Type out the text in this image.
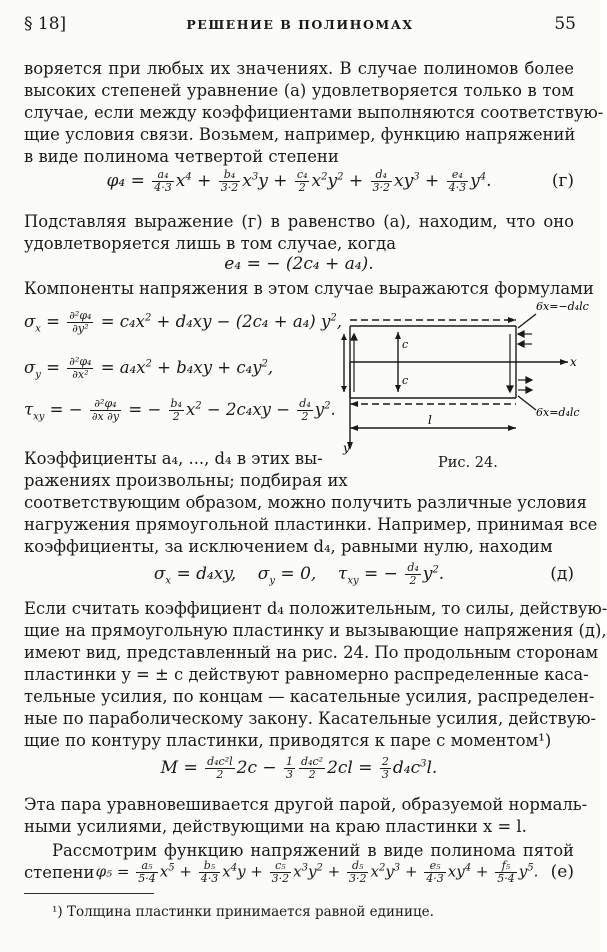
§ 18]	РЕШЕНИЕ В ПОЛИНОМАХ	55
воряется при любых их значениях. В случае полиномов более
высоких степеней уравнение (а) удовлетворяется только в том
случае, если между коэффициентами выполняются соответствую-
щие условия связи. Возьмем, например, функцию напряжений
в виде полинома четвертой степени
$\varphi_4 = \frac{\text{a₄}}{4\cdot 3} x^4 + \frac{\text{b₄}}{3\cdot 2} x^3y + \frac{\text{c₄}}{2} x^2y^2 + \frac{\text{d₄}}{3\cdot 2} xy^3 + \frac{\text{e₄}}{4\cdot 3} y^4$.	(г)
Подставляя выражение (г) в равенство (а), находим, что оно
удовлетворяется лишь в том случае, когда
e₄ = − (2c₄ + a₄).
Компоненты напряжения в этом случае выражаются формулами
$\sigma_x = \frac{\text{∂²φ₄}}{\text{∂y²}} = c_4x^2 + d_4xy - (2c_4 + a_4)$ $y^2$,
$\sigma_y = \frac{\text{∂²φ₄}}{\text{∂x²}} = a_4x^2 + b_4xy + c_4y^2$,
$\tau_{xy}$ = − $\frac{\text{∂²φ₄}}{\partial x \partial y}$ = − $\frac{\text{b₄}}{2} x^2 - 2c_4xy - \frac{\text{d₄}}{2} y^2$.
6x=−d₄lc
6x=d₄lc
x
y
l
c
c
Рис. 24.
Коэффициенты a₄, ..., d₄ в этих вы-
ражениях произвольны; подбирая их
соответствующим образом, можно получить различные условия
нагружения прямоугольной пластинки. Например, принимая все
коэффициенты, за исключением d₄, равными нулю, находим
$\sigma_x = d_4xy$,    $\sigma_y = 0$,    $\tau_{xy}$ = − $\frac{\text{d₄}}{2} y^2$.	(д)
Если считать коэффициент d₄ положительным, то силы, действую-
щие на прямоугольную пластинку и вызывающие напряжения (д),
имеют вид, представленный на рис. 24. По продольным сторонам
пластинки y = ± c действуют равномерно распределенные каса-
тельные усилия, по концам — касательные усилия, распределен-
ные по параболическому закону. Касательные усилия, действую-
щие по контуру пластинки, приводятся к паре с моментом¹)
$M = \frac{\text{d₄c²l}}{2} 2c - \frac{1}{3} \frac{\text{d₄c²}}{2} 2cl = \frac{2}{3} d_4c^3l$.
Эта пара уравновешивается другой парой, образуемой нормаль-
ными усилиями, действующими на краю пластинки x = l.
Рассмотрим функцию напряжений в виде полинома пятой
степени $\varphi_5 = \frac{\text{a₅}}{5\cdot 4} x^5 + \frac{\text{b₅}}{4\cdot 3} x^4y + \frac{\text{c₅}}{3\cdot 2} x^3y^2 + \frac{\text{d₅}}{3\cdot 2} x^2y^3 + \frac{\text{e₅}}{4\cdot 3} xy^4 + \frac{\text{f₅}}{5\cdot 4} y^5$. (е)
¹) Толщина пластинки принимается равной единице.
